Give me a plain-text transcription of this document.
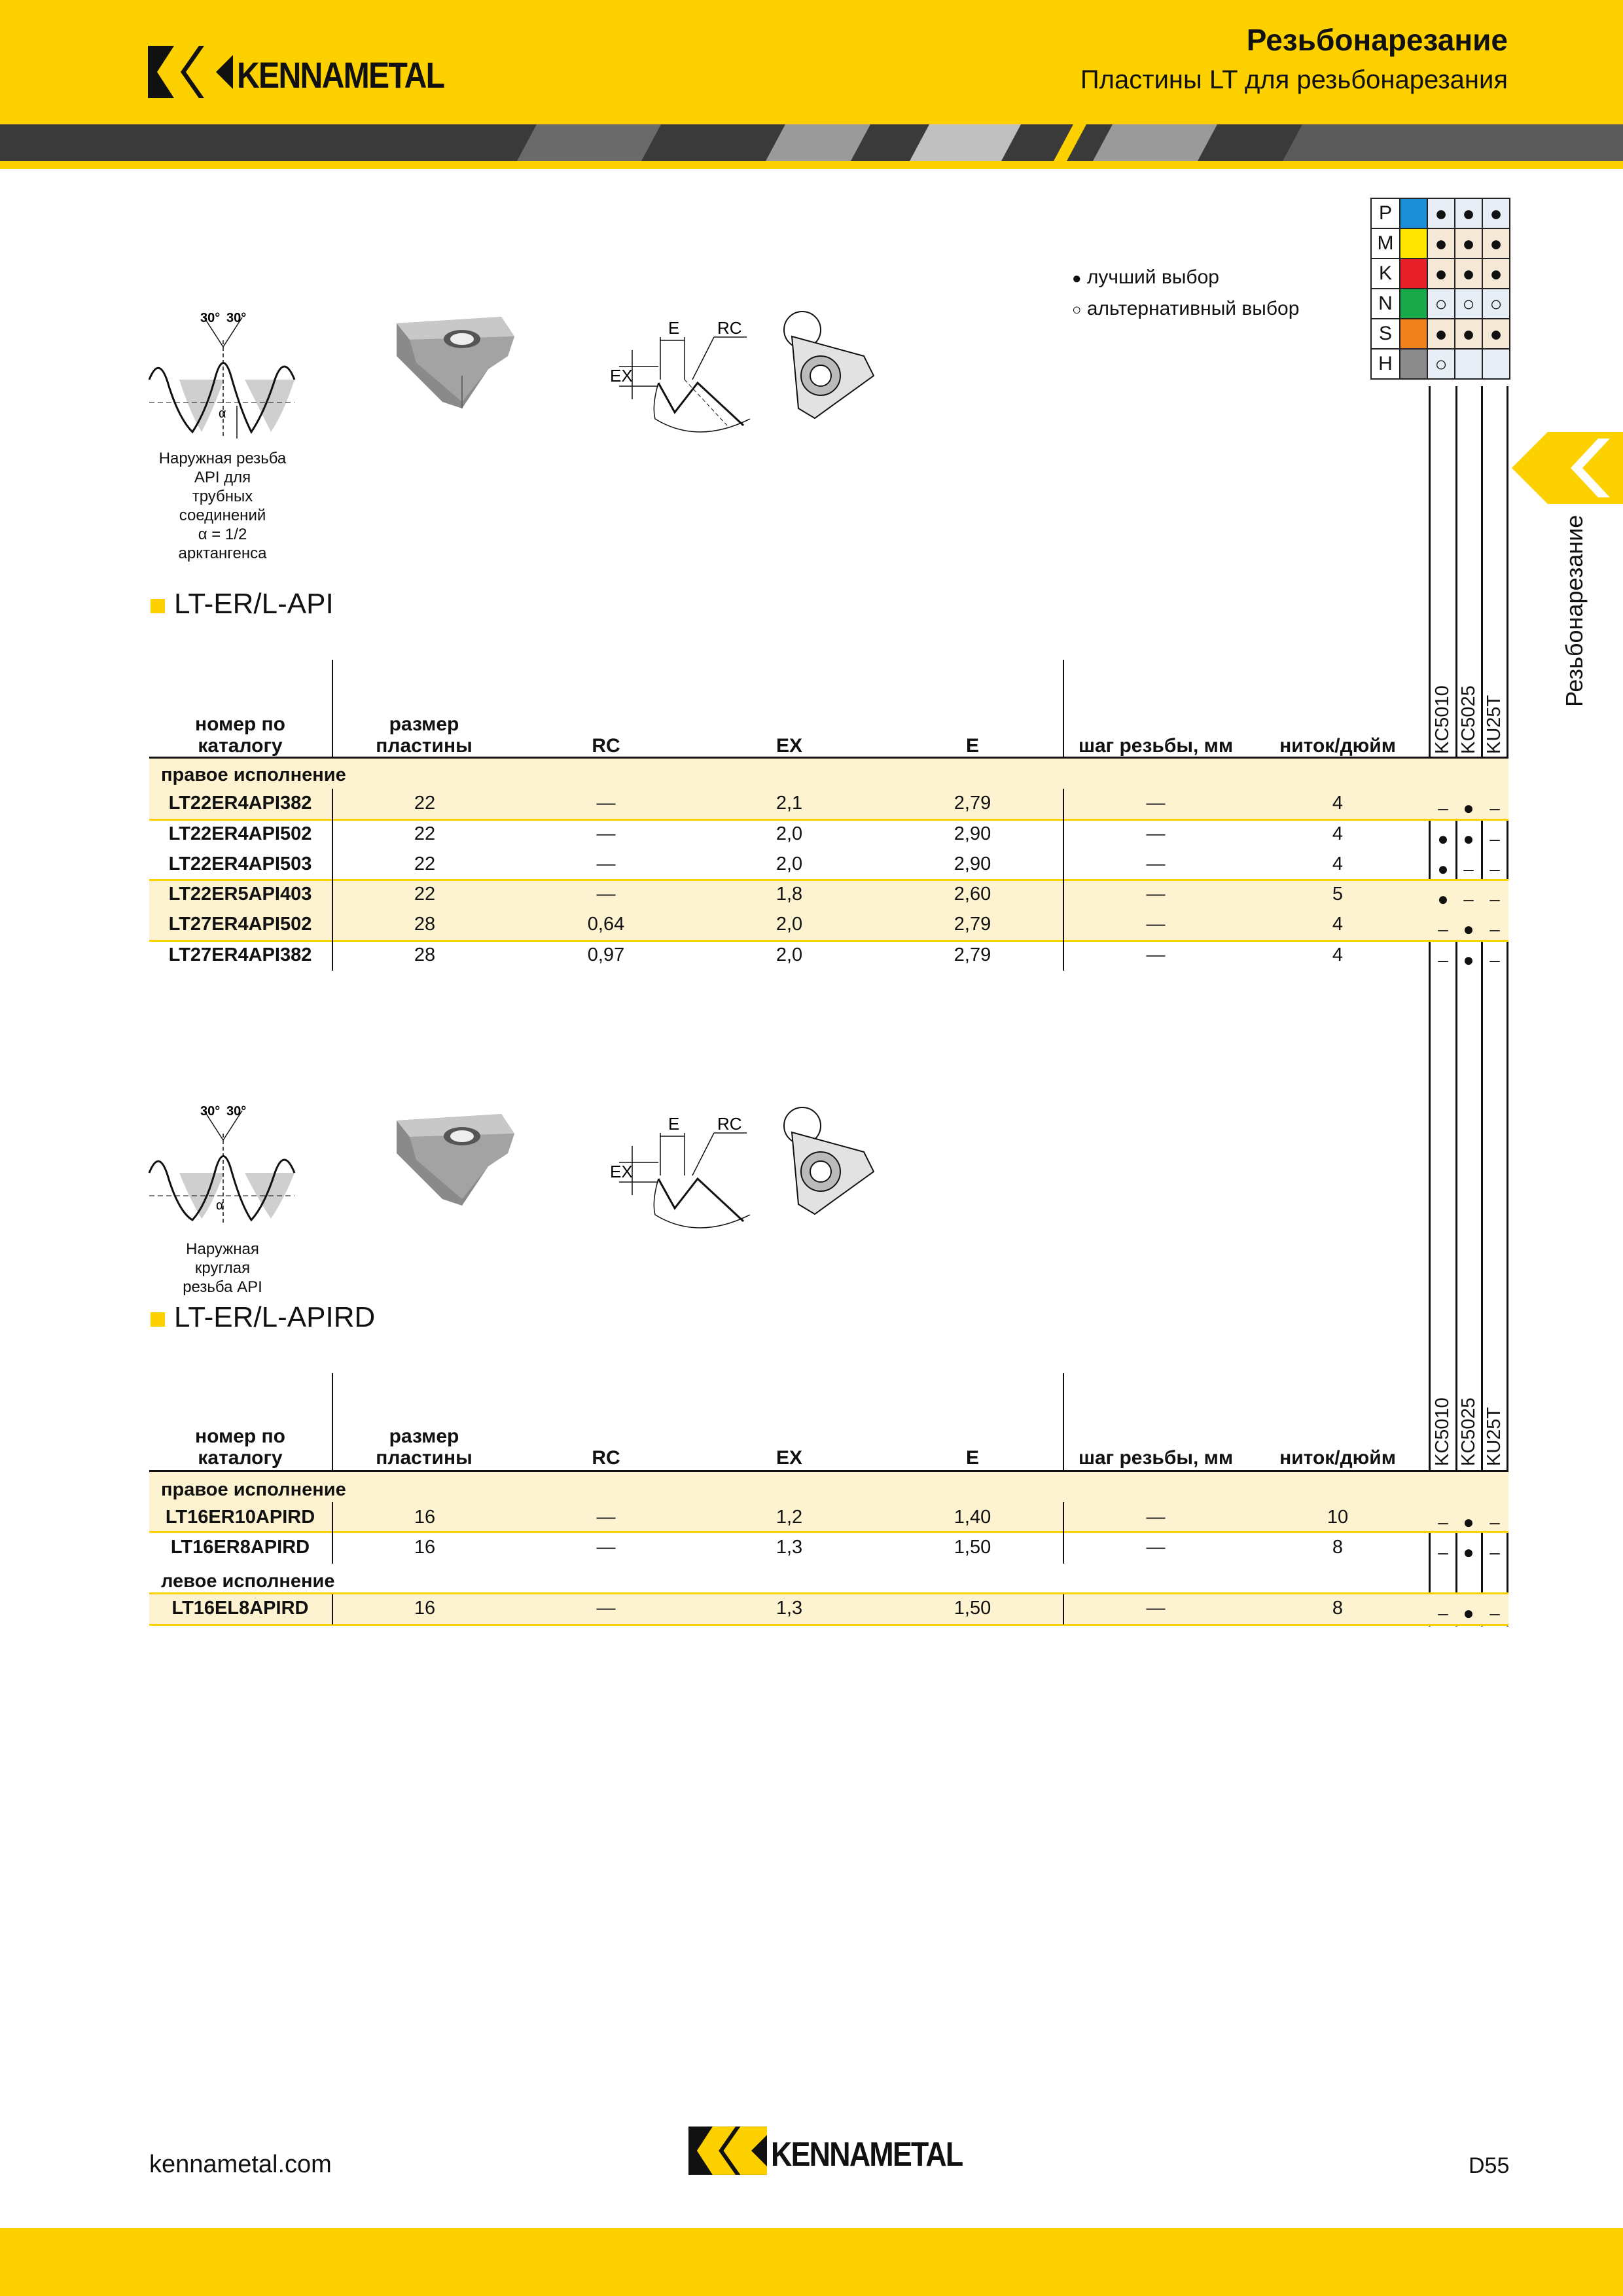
KENNAMETAL
Резьбонарезание
Пластины LT для резьбонарезания
Резьбонарезание
P		●	●	●
M		●	●	●
K		●	●	●
N		○	○	○
S		●	●	●
H		○		
● лучший выбор
○ альтернативный выбор
30° 30°
α
Наружная резьба
API для
трубных
соединений
α = 1/2
арктангенса
E RC
EX
LT-ER/L-API
номер по
каталогу
размер
пластины	RC	EX	E	шаг резьбы, мм	ниток/дюйм	KC5010 KC5025 KU25T
правое исполнение
LT22ER4API382	22	—	2,1	2,79	—	4	– ● –
LT22ER4API502	22	—	2,0	2,90	—	4	● ● –
LT22ER4API503	22	—	2,0	2,90	—	4	● – –
LT22ER5API403	22	—	1,8	2,60	—	5	● – –
LT27ER4API502	28	0,64	2,0	2,79	—	4	– ● –
LT27ER4API382	28	0,97	2,0	2,79	—	4	– ● –
30° 30°
α
Наружная
круглая
резьба API
E RC
EX
LT-ER/L-APIRD
номер по
каталогу
размер
пластины	RC	EX	E	шаг резьбы, мм	ниток/дюйм	KC5010 KC5025 KU25T
правое исполнение
левое исполнение
LT16ER10APIRD	16	—	1,2	1,40	—	10	– ● –
LT16ER8APIRD	16	—	1,3	1,50	—	8	– ● –
LT16EL8APIRD	16	—	1,3	1,50	—	8	– ● –
kennametal.com	KENNAMETAL	D55
